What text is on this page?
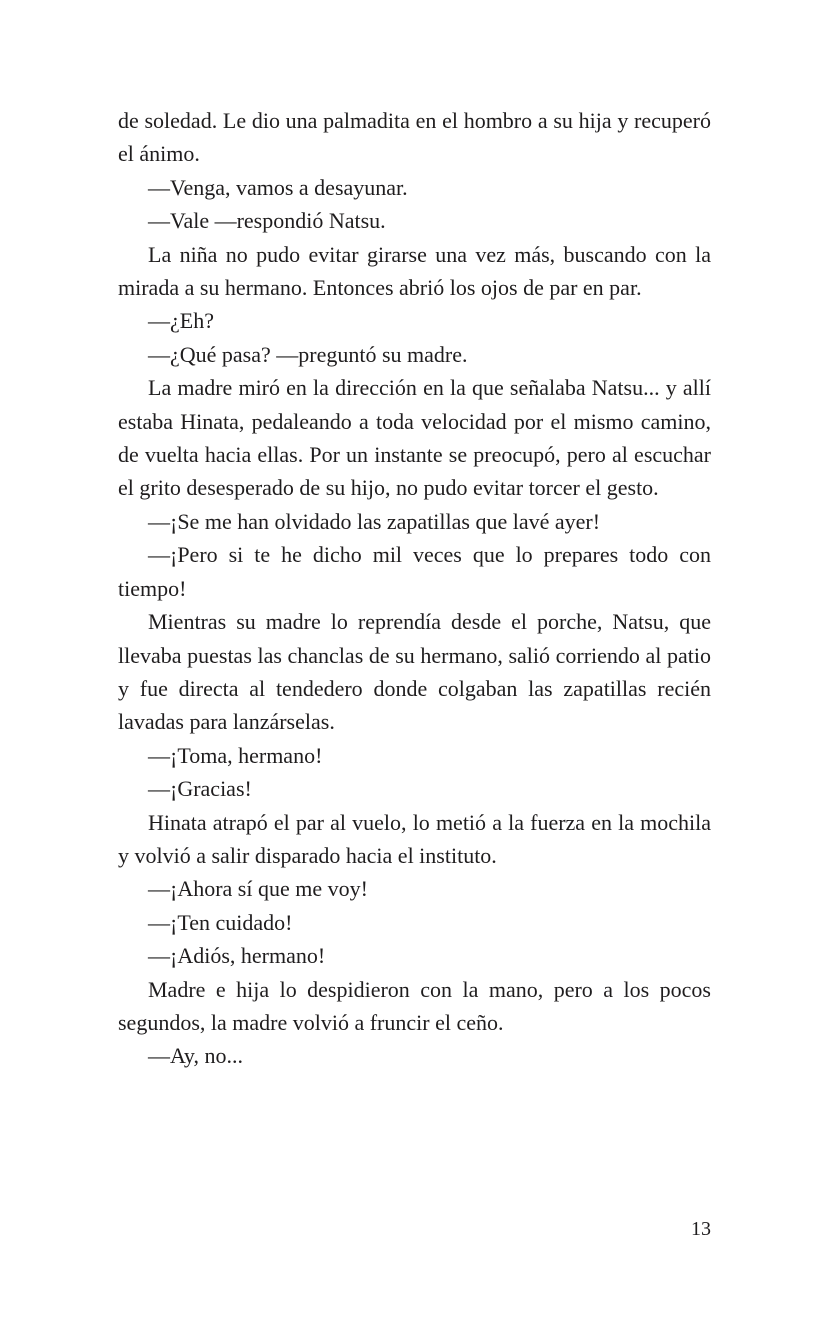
de soledad. Le dio una palmadita en el hombro a su hija y recuperó el ánimo.

—Venga, vamos a desayunar.

—Vale —respondió Natsu.

La niña no pudo evitar girarse una vez más, buscando con la mirada a su hermano. Entonces abrió los ojos de par en par.

—¿Eh?

—¿Qué pasa? —preguntó su madre.

La madre miró en la dirección en la que señalaba Natsu... y allí estaba Hinata, pedaleando a toda velocidad por el mismo camino, de vuelta hacia ellas. Por un instante se preocupó, pero al escuchar el grito desesperado de su hijo, no pudo evitar torcer el gesto.

—¡Se me han olvidado las zapatillas que lavé ayer!

—¡Pero si te he dicho mil veces que lo prepares todo con tiempo!

Mientras su madre lo reprendía desde el porche, Natsu, que llevaba puestas las chanclas de su hermano, salió corriendo al patio y fue directa al tendedero donde colgaban las zapatillas recién lavadas para lanzárselas.

—¡Toma, hermano!

—¡Gracias!

Hinata atrapó el par al vuelo, lo metió a la fuerza en la mochila y volvió a salir disparado hacia el instituto.

—¡Ahora sí que me voy!

—¡Ten cuidado!

—¡Adiós, hermano!

Madre e hija lo despidieron con la mano, pero a los pocos segundos, la madre volvió a fruncir el ceño.

—Ay, no...

13
